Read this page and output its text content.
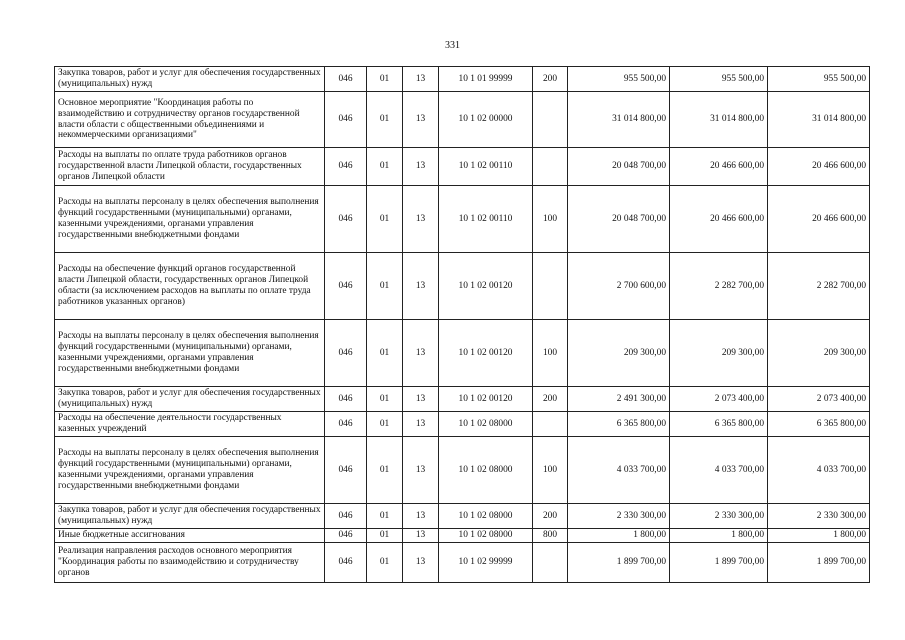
331
Закупка товаров, работ и услуг для обеспечения государственных (муниципальных) нужд	046	01	13	10 1 01 99999	200	955 500,00	955 500,00	955 500,00
Основное мероприятие "Координация работы по взаимодействию и сотрудничеству органов государственной власти области с общественными объединениями и некоммерческими организациями"	046	01	13	10 1 02 00000		31 014 800,00	31 014 800,00	31 014 800,00
Расходы на выплаты по оплате труда работников органов государственной власти Липецкой области, государственных органов Липецкой области	046	01	13	10 1 02 00110		20 048 700,00	20 466 600,00	20 466 600,00
Расходы на выплаты персоналу в целях обеспечения выполнения функций государственными (муниципальными) органами, казенными учреждениями, органами управления государственными внебюджетными фондами	046	01	13	10 1 02 00110	100	20 048 700,00	20 466 600,00	20 466 600,00
Расходы на обеспечение функций органов государственной власти Липецкой области, государственных органов Липецкой области (за исключением расходов на выплаты по оплате труда работников указанных органов)	046	01	13	10 1 02 00120		2 700 600,00	2 282 700,00	2 282 700,00
Расходы на выплаты персоналу в целях обеспечения выполнения функций государственными (муниципальными) органами, казенными учреждениями, органами управления государственными внебюджетными фондами	046	01	13	10 1 02 00120	100	209 300,00	209 300,00	209 300,00
Закупка товаров, работ и услуг для обеспечения государственных (муниципальных) нужд	046	01	13	10 1 02 00120	200	2 491 300,00	2 073 400,00	2 073 400,00
Расходы на обеспечение деятельности государственных казенных учреждений	046	01	13	10 1 02 08000		6 365 800,00	6 365 800,00	6 365 800,00
Расходы на выплаты персоналу в целях обеспечения выполнения функций государственными (муниципальными) органами, казенными учреждениями, органами управления государственными внебюджетными фондами	046	01	13	10 1 02 08000	100	4 033 700,00	4 033 700,00	4 033 700,00
Закупка товаров, работ и услуг для обеспечения государственных (муниципальных) нужд	046	01	13	10 1 02 08000	200	2 330 300,00	2 330 300,00	2 330 300,00
Иные бюджетные ассигнования	046	01	13	10 1 02 08000	800	1 800,00	1 800,00	1 800,00
Реализация направления расходов основного мероприятия "Координация работы по взаимодействию и сотрудничеству органов	046	01	13	10 1 02 99999		1 899 700,00	1 899 700,00	1 899 700,00
